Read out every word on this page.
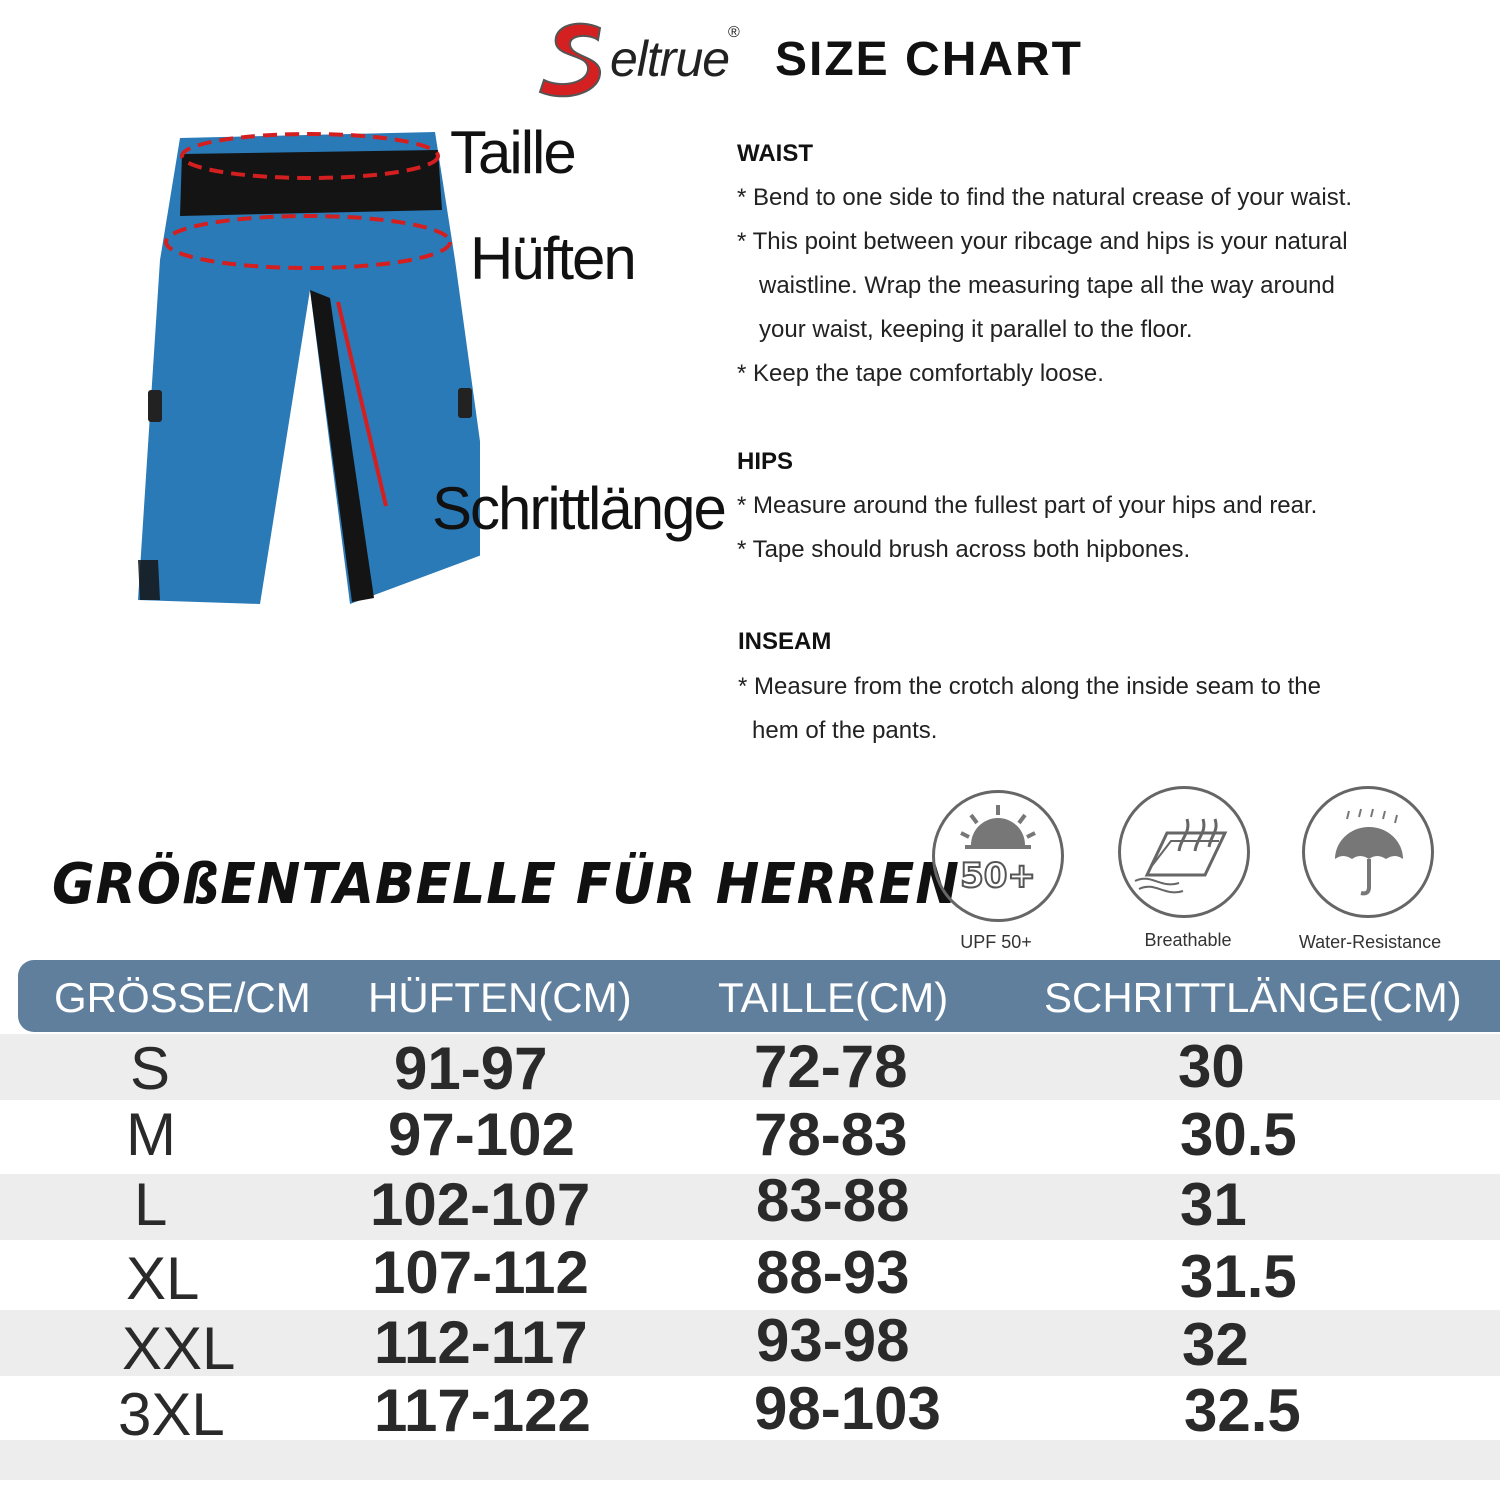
eltrue
®
SIZE CHART
Taille
Hüften
Schrittlänge
WAIST
* Bend to one side to find the natural crease of your waist.
* This point between your ribcage and hips is your natural
waistline. Wrap the measuring tape all the way around
your waist, keeping it parallel to the floor.
* Keep the tape comfortably loose.
HIPS
* Measure around the fullest part of your hips and rear.
* Tape should brush across both hipbones.
INSEAM
* Measure from the crotch along the inside seam to the
hem of the pants.
GRÖßENTABELLE FÜR HERREN 50+
UPF 50+	Breathable	Water-Resistance
GRÖSSE/CM HÜFTEN(CM) TAILLE(CM) SCHRITTLÄNGE(CM)
S	91-97	72-78	30
M	97-102	78-83	30.5
L	102-107	83-88	31
XL	107-112	88-93	31.5
XXL 112-117	93-98	32
3XL 117-122	98-103	32.5
